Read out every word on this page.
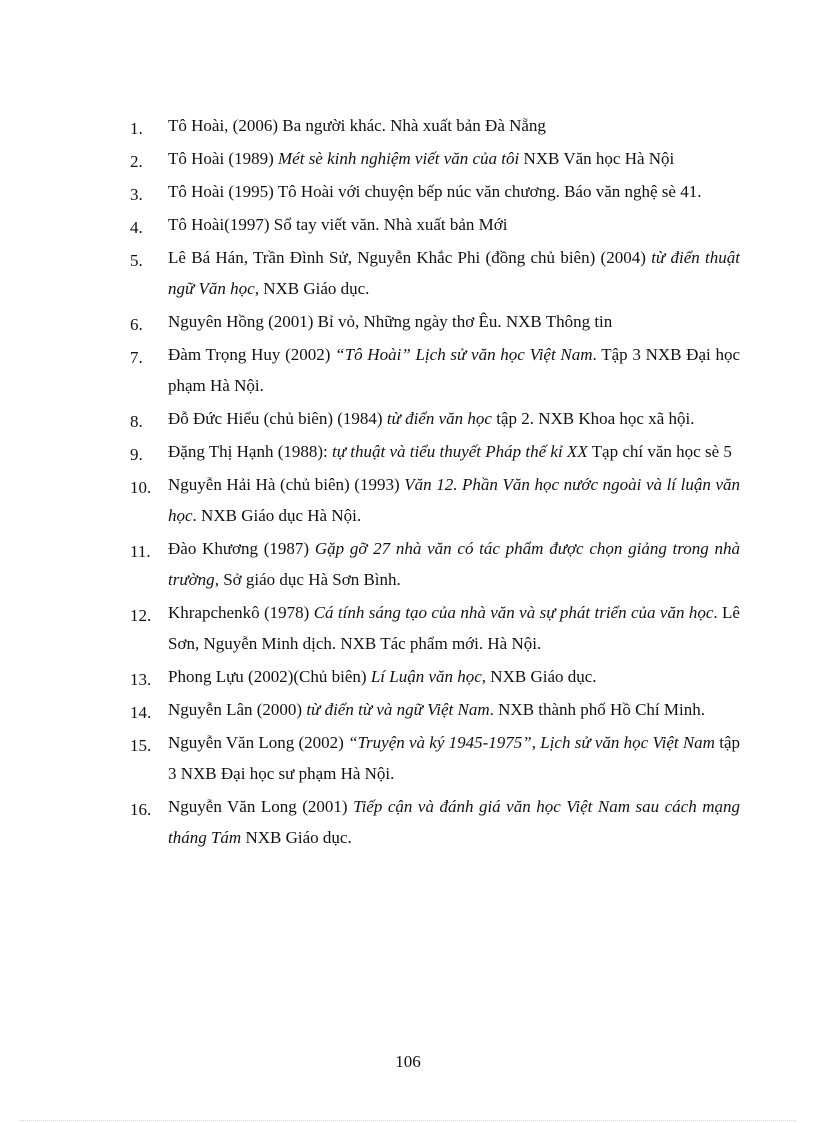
1.	Tô Hoài, (2006) Ba người khác. Nhà xuất bản Đà Nẵng
2.	Tô Hoài (1989) Mét sè kinh nghiệm viết văn của tôi NXB Văn học Hà Nội
3.	Tô Hoài (1995) Tô Hoài với chuyện bếp núc văn chương. Báo văn nghệ sè 41.
4.	Tô Hoài(1997) Sổ tay viết văn. Nhà xuất bản Mới
5.	Lê Bá Hán, Trần Đình Sử, Nguyễn Khắc Phi (đồng chủ biên) (2004) từ điển thuật ngữ Văn học, NXB Giáo dục.
6.	Nguyên Hồng (2001) Bỉ vỏ, Những ngày thơ Êu. NXB Thông tin
7.	Đàm Trọng Huy (2002) “Tô Hoài” Lịch sử văn học Việt Nam. Tập 3 NXB Đại học phạm Hà Nội.
8.	Đỗ Đức Hiểu (chủ biên) (1984) từ điển văn học tập 2. NXB Khoa học xã hội.
9.	Đặng Thị Hạnh (1988): tự thuật và tiểu thuyết Pháp thế kỉ XX Tạp chí văn học sè 5
10. Nguyễn Hải Hà (chủ biên) (1993) Văn 12. Phần Văn học nước ngoài và lí luận văn học. NXB Giáo dục Hà Nội.
11.	Đào Khương (1987) Gặp gỡ 27 nhà văn có tác phẩm được chọn giảng trong nhà trường, Sở giáo dục Hà Sơn Bình.
12. Khrapchenkô (1978) Cá tính sáng tạo của nhà văn và sự phát triển của văn học. Lê Sơn, Nguyễn Minh dịch. NXB Tác phẩm mới. Hà Nội.
13. Phong Lựu (2002)(Chủ biên) Lí Luận văn học, NXB Giáo dục.
14. Nguyễn Lân (2000) từ điển từ và ngữ Việt Nam. NXB thành phố Hồ Chí Minh.
15. Nguyễn Văn Long (2002) “Truyện và ký 1945-1975”, Lịch sử văn học Việt Nam tập 3 NXB Đại học sư phạm Hà Nội.
16. Nguyễn Văn Long (2001) Tiếp cận và đánh giá văn học Việt Nam sau cách mạng tháng Tám NXB Giáo dục.
106
